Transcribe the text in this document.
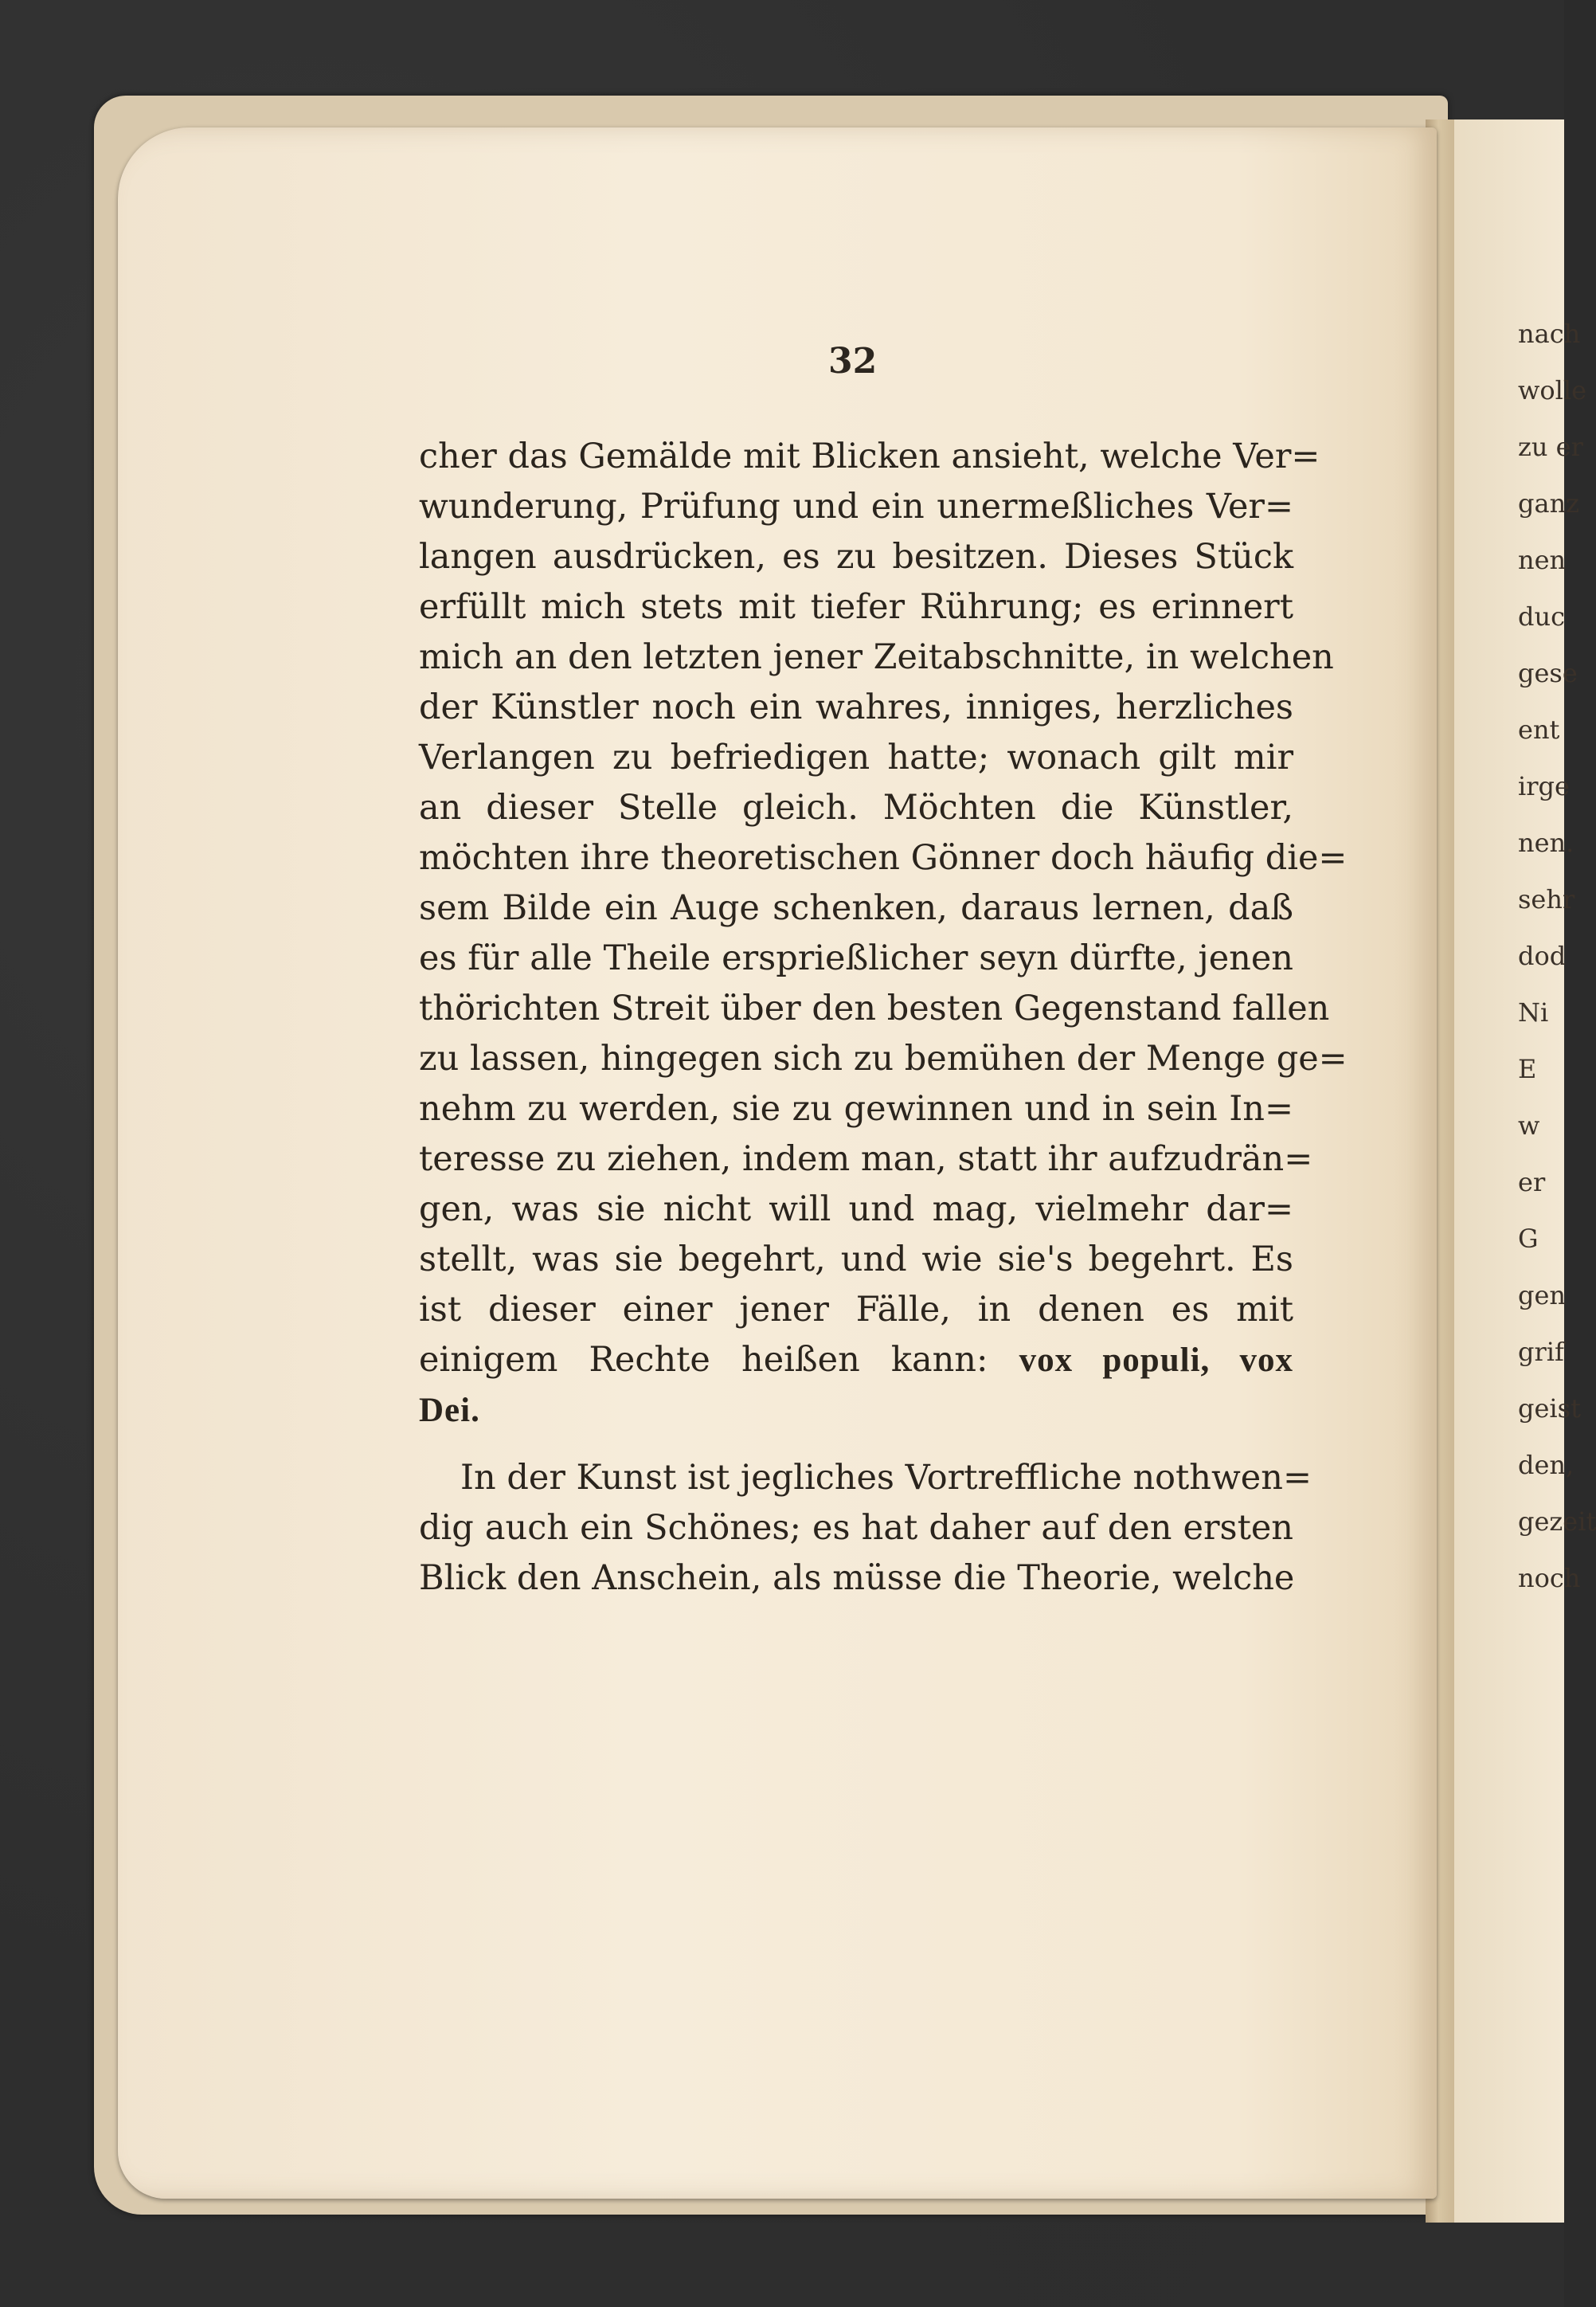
nach
wolle
zu er
ganz
nen
duc
gese
ent
irge
nen.
sehr
dod
Ni
E
w
er
G
gen
grif
geist
den,
gezeit
noch
32
cher das Gemälde mit Blicken ansieht, welche Ver=
wunderung, Prüfung und ein unermeßliches Ver=
langen ausdrücken, es zu besitzen. Dieses Stück
erfüllt mich stets mit tiefer Rührung; es erinnert
mich an den letzten jener Zeitabschnitte, in welchen
der Künstler noch ein wahres, inniges, herzliches
Verlangen zu befriedigen hatte; wonach gilt mir
an dieser Stelle gleich. Möchten die Künstler,
möchten ihre theoretischen Gönner doch häufig die=
sem Bilde ein Auge schenken, daraus lernen, daß
es für alle Theile ersprießlicher seyn dürfte, jenen
thörichten Streit über den besten Gegenstand fallen
zu lassen, hingegen sich zu bemühen der Menge ge=
nehm zu werden, sie zu gewinnen und in sein In=
teresse zu ziehen, indem man, statt ihr aufzudrän=
gen, was sie nicht will und mag, vielmehr dar=
stellt, was sie begehrt, und wie sie's begehrt. Es
ist dieser einer jener Fälle, in denen es mit
einigem Rechte heißen kann: vox populi, vox
Dei.
In der Kunst ist jegliches Vortreffliche nothwen=
dig auch ein Schönes; es hat daher auf den ersten
Blick den Anschein, als müsse die Theorie, welche
